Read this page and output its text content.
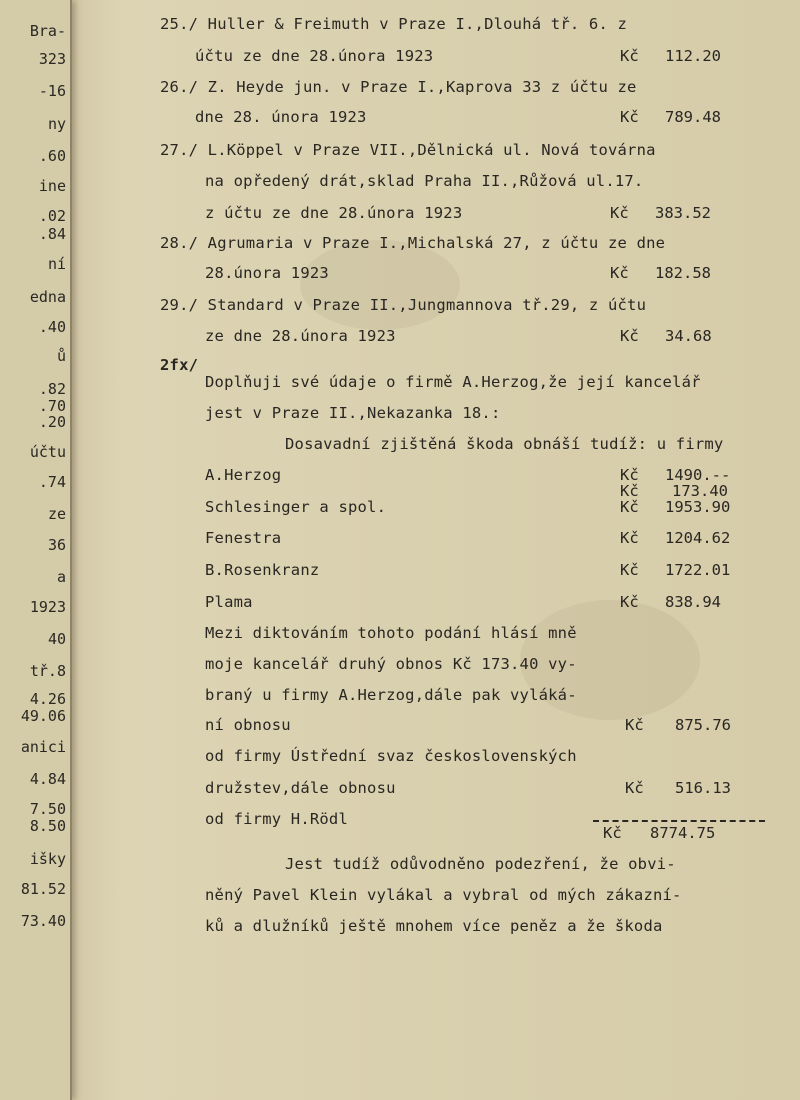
Bra-
323
-16
ny
.60
ine
.02
.84
ní
edna
.40
ů
.82
.70
.20
účtu
.74
ze
36
a
1923
40
tř.8
4.26
49.06
anici
4.84
7.50
8.50
išky
81.52
73.40
25./ Huller & Freimuth v Praze I.,Dlouhá tř. 6. z
účtu ze dne 28.února 1923	Kč 112.20
26./ Z. Heyde jun. v Praze I.,Kaprova 33 z účtu ze
dne 28. února 1923	Kč 789.48
27./ L.Köppel v Praze VII.,Dělnická ul. Nová továrna
na opředený drát,sklad Praha II.,Růžová ul.17.
z účtu ze dne 28.února 1923	Kč 383.52
28./ Agrumaria v Praze I.,Michalská 27, z účtu ze dne
28.února 1923	Kč 182.58
29./ Standard v Praze II.,Jungmannova tř.29, z účtu
ze dne 28.února 1923	Kč 34.68
2fx/
Doplňuji své údaje o firmě A.Herzog,že její kancelář
jest v Praze II.,Nekazanka 18.:
Dosavadní zjištěná škoda obnáší tudíž: u firmy
A.Herzog	Kč 1490.--
Kč 173.40
Schlesinger a spol.	Kč 1953.90
Fenestra	Kč 1204.62
B.Rosenkranz	Kč 1722.01
Plama	Kč 838.94
Mezi diktováním tohoto podání hlásí mně
moje kancelář druhý obnos Kč 173.40 vy-
braný u firmy A.Herzog,dále pak vyláká-
ní obnosu	Kč 875.76
od firmy Ústřední svaz československých
družstev,dále obnosu	Kč 516.13
od firmy H.Rödl
Kč 8774.75
Jest tudíž odůvodněno podezření, že obvi-
něný Pavel Klein vylákal a vybral od mých zákazní-
ků a dlužníků ještě mnohem více peněz a že škoda
